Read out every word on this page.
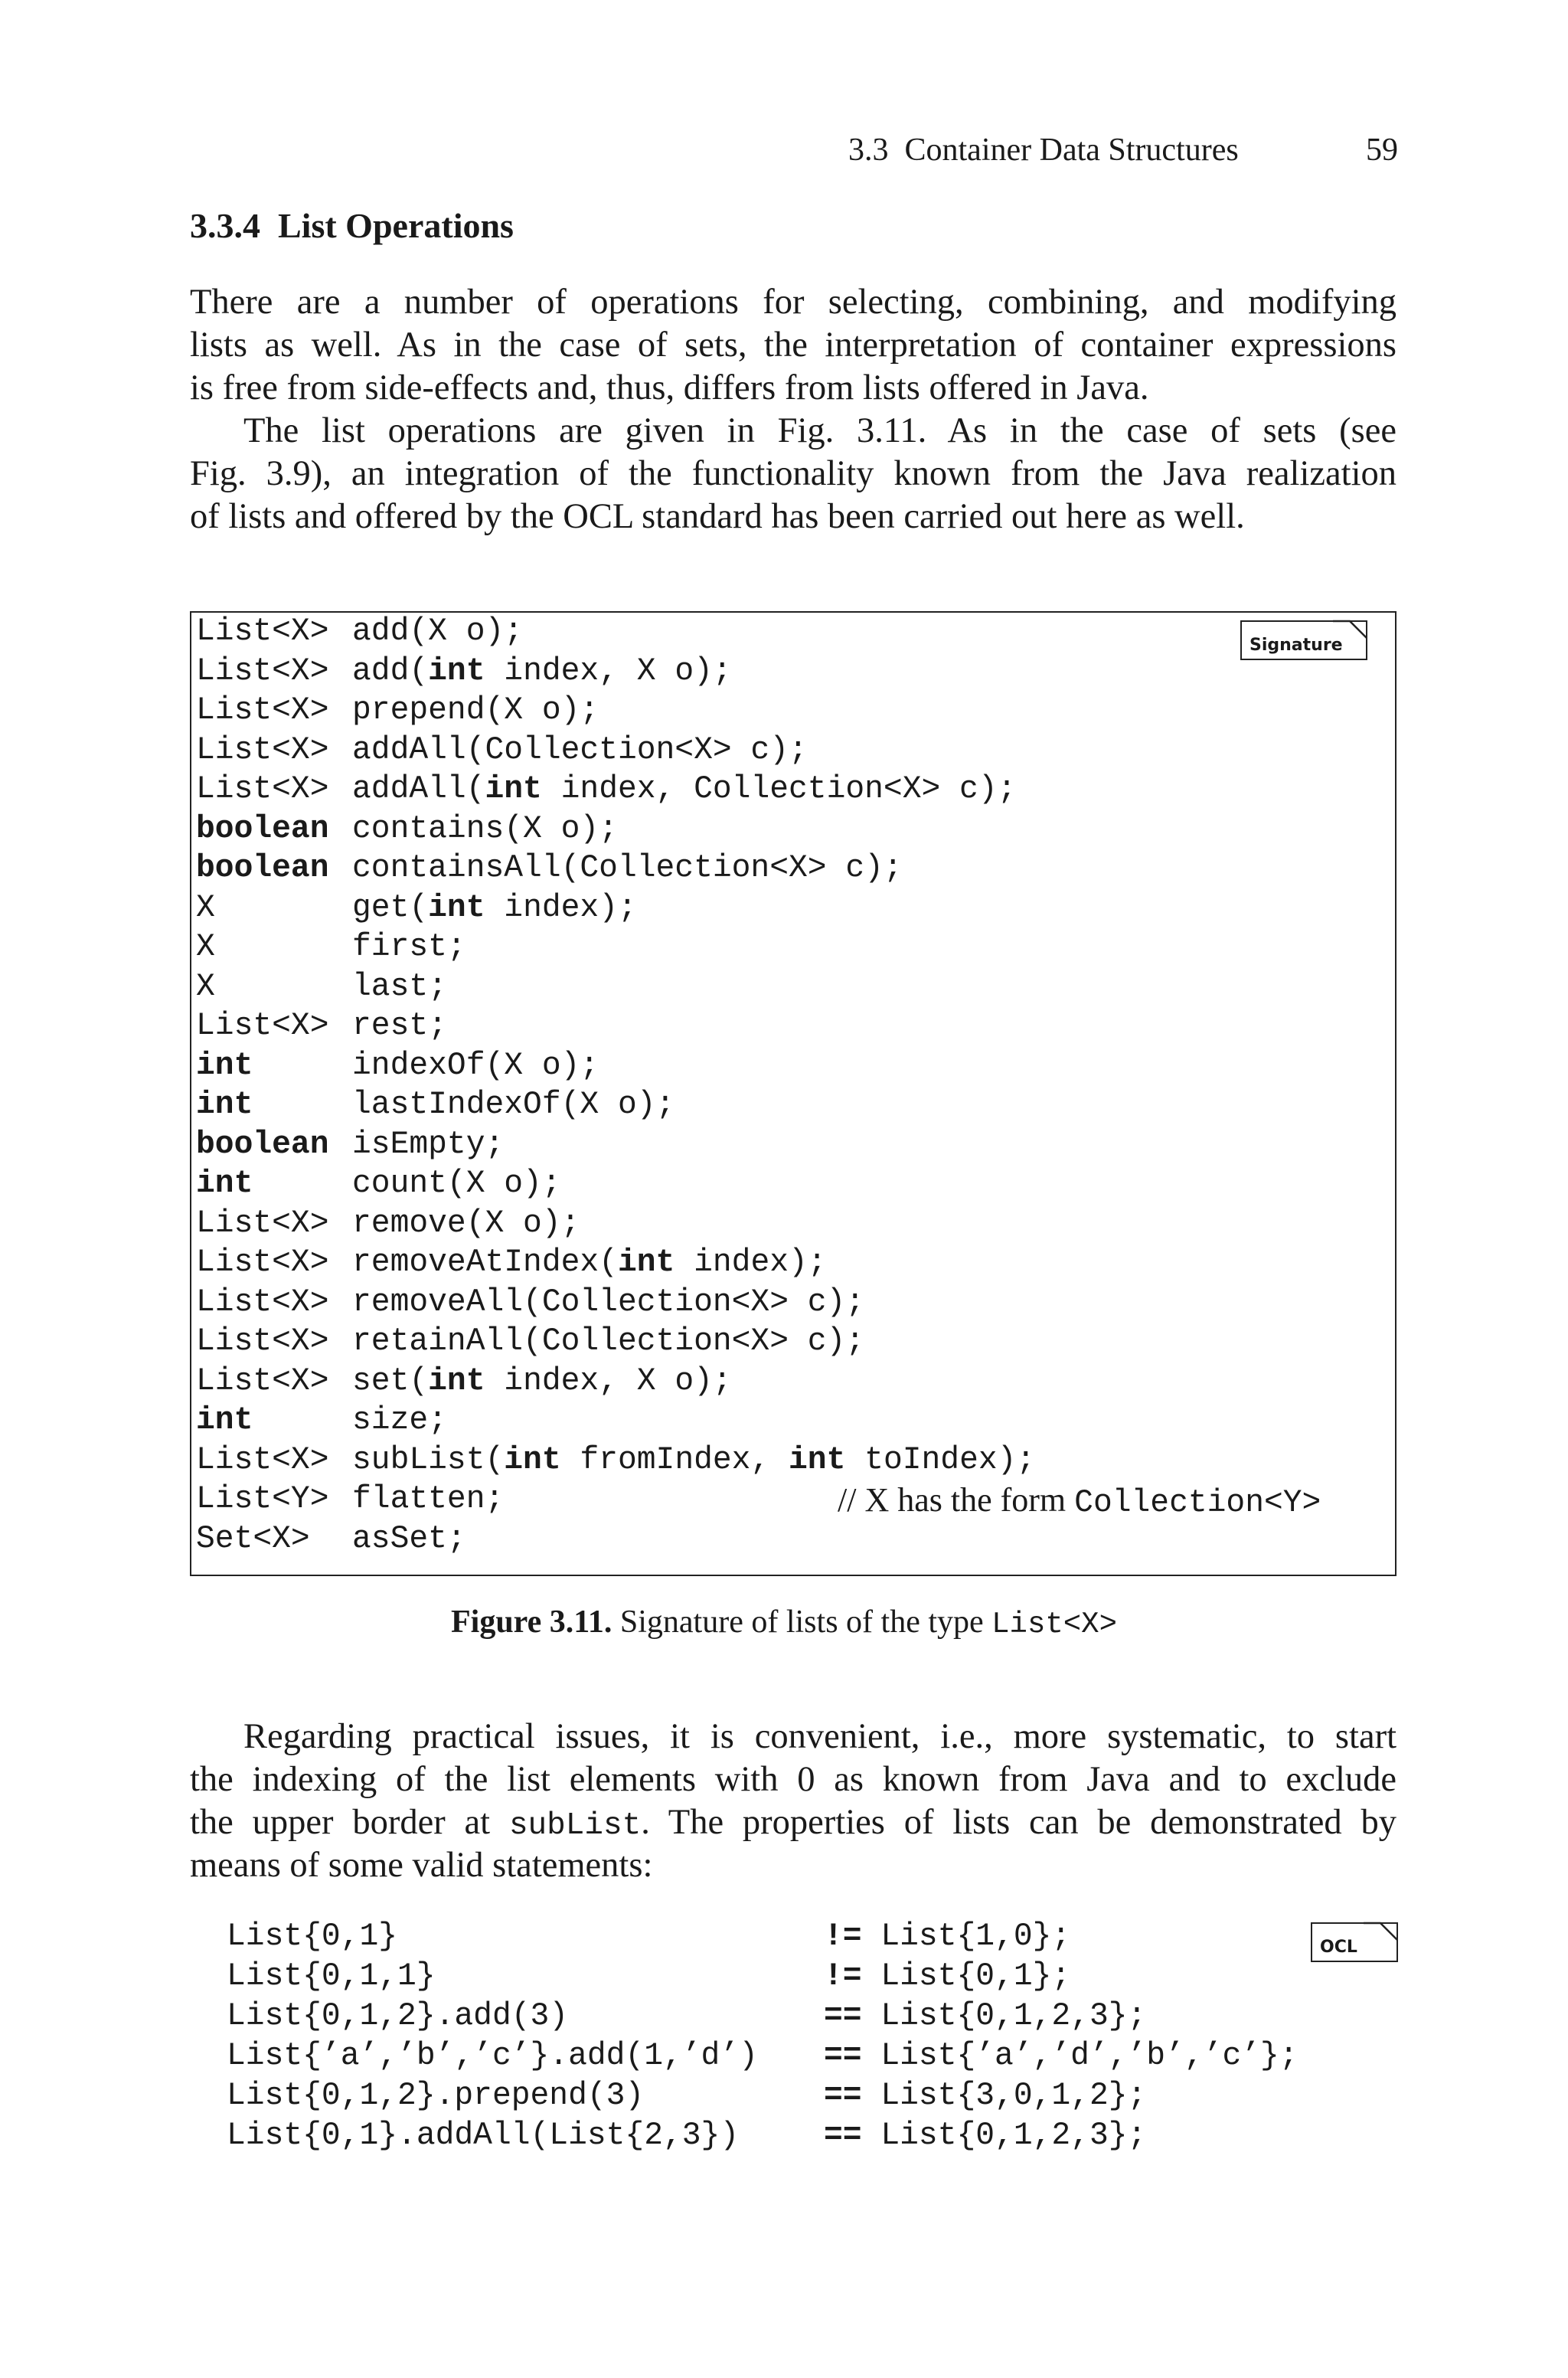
3.3  Container Data Structures	59
3.3.4  List Operations
There are a number of operations for selecting, combining, and modifying
lists as well. As in the case of sets, the interpretation of container expressions
is free from side-effects and, thus, differs from lists offered in Java.
The list operations are given in Fig. 3.11. As in the case of sets (see
Fig. 3.9), an integration of the functionality known from the Java realization
of lists and offered by the OCL standard has been carried out here as well.
Signature
List<X> add(X o);
List<X> add(int index, X o);
List<X> prepend(X o);
List<X> addAll(Collection<X> c);
List<X> addAll(int index, Collection<X> c);
boolean contains(X o);
boolean containsAll(Collection<X> c);
X	get(int index);
X	first;
X	last;
List<X> rest;
int	indexOf(X o);
int	lastIndexOf(X o);
boolean isEmpty;
int	count(X o);
List<X> remove(X o);
List<X> removeAtIndex(int index);
List<X> removeAll(Collection<X> c);
List<X> retainAll(Collection<X> c);
List<X> set(int index, X o);
int	size;
List<X> subList(int fromIndex, int toIndex);
List<Y> flatten;	// X has the form Collection<Y>
Set<X> asSet;
Figure 3.11. Signature of lists of the type List<X>
Regarding practical issues, it is convenient, i.e., more systematic, to start
the indexing of the list elements with 0 as known from Java and to exclude
the upper border at subList. The properties of lists can be demonstrated by
means of some valid statements:
OCL
List{0,1}	!= List{1,0};
List{0,1,1}	!= List{0,1};
List{0,1,2}.add(3)	== List{0,1,2,3};
List{’a’,’b’,’c’}.add(1,’d’) == List{’a’,’d’,’b’,’c’};
List{0,1,2}.prepend(3)	== List{3,0,1,2};
List{0,1}.addAll(List{2,3})	== List{0,1,2,3};
